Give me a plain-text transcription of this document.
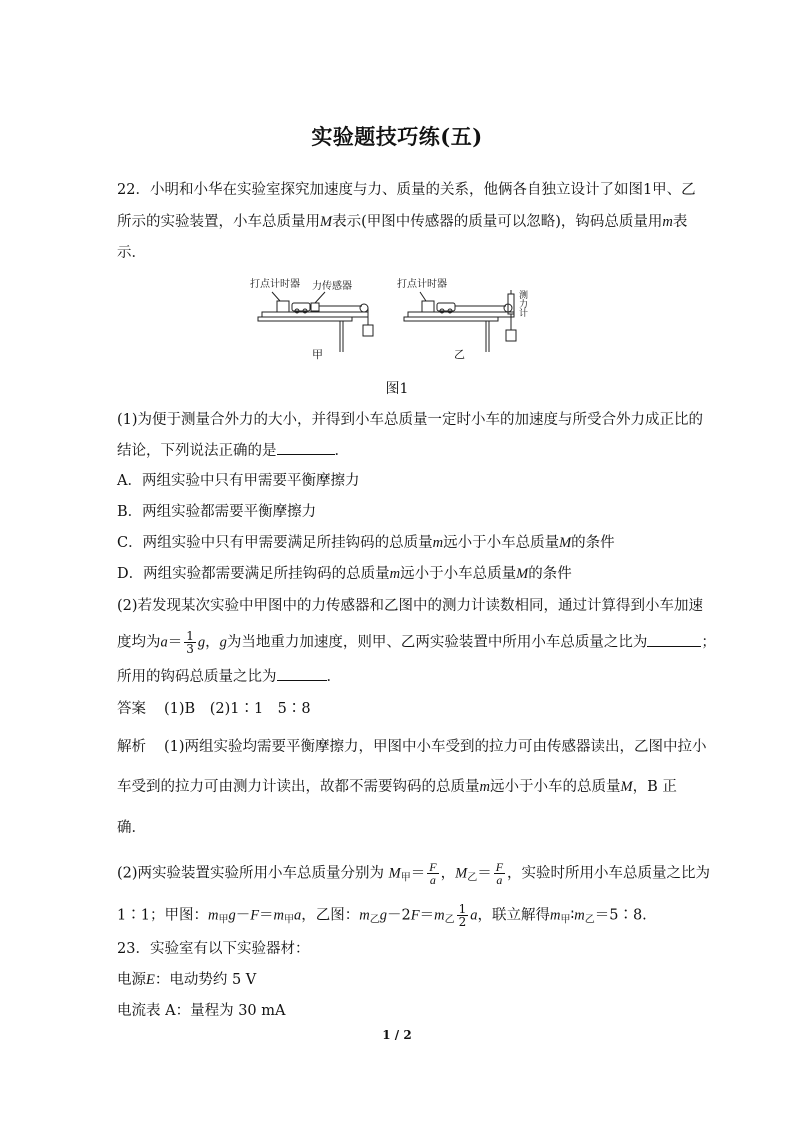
实验题技巧练(五)
22．小明和小华在实验室探究加速度与力、质量的关系，他俩各自独立设计了如图1甲、乙
所示的实验装置，小车总质量用M表示(甲图中传感器的质量可以忽略)，钩码总质量用m表
示．
打点计时器 力传感器	打点计时器
测力计
甲	乙
图1
(1)为便于测量合外力的大小，并得到小车总质量一定时小车的加速度与所受合外力成正比的
结论，下列说法正确的是	．
A．两组实验中只有甲需要平衡摩擦力
B．两组实验都需要平衡摩擦力
C．两组实验中只有甲需要满足所挂钩码的总质量m远小于小车总质量M的条件
D．两组实验都需要满足所挂钩码的总质量m远小于小车总质量M的条件
(2)若发现某次实验中甲图中的力传感器和乙图中的测力计读数相同，通过计算得到小车加速
度均为$a= \frac{1}{3}$ g，g为当地重力加速度，则甲、乙两实验装置中所用小车总质量之比为	；
所用的钩码总质量之比为	．
答案 (1)B　(2)1∶1　5∶8
解析 (1)两组实验均需要平衡摩擦力，甲图中小车受到的拉力可由传感器读出，乙图中拉小
车受到的拉力可由测力计读出，故都不需要钩码的总质量m远小于小车的总质量M，B 正
确．
(2)两实验装置实验所用小车总质量分别为 $M_甲= \frac{F}{a}$ ，$M_乙= \frac{F}{a}$ ，实验时所用小车总质量之比为
1∶1；甲图：$m_甲g-F=m_甲a$，乙图：$m_乙g-2F=m_乙 \frac{1}{2}$ a，联立解得$m_甲∶m_乙=5∶8$.
23．实验室有以下实验器材：
电源E：电动势约 5 V
电流表 A：量程为 30 mA
1 / 2
